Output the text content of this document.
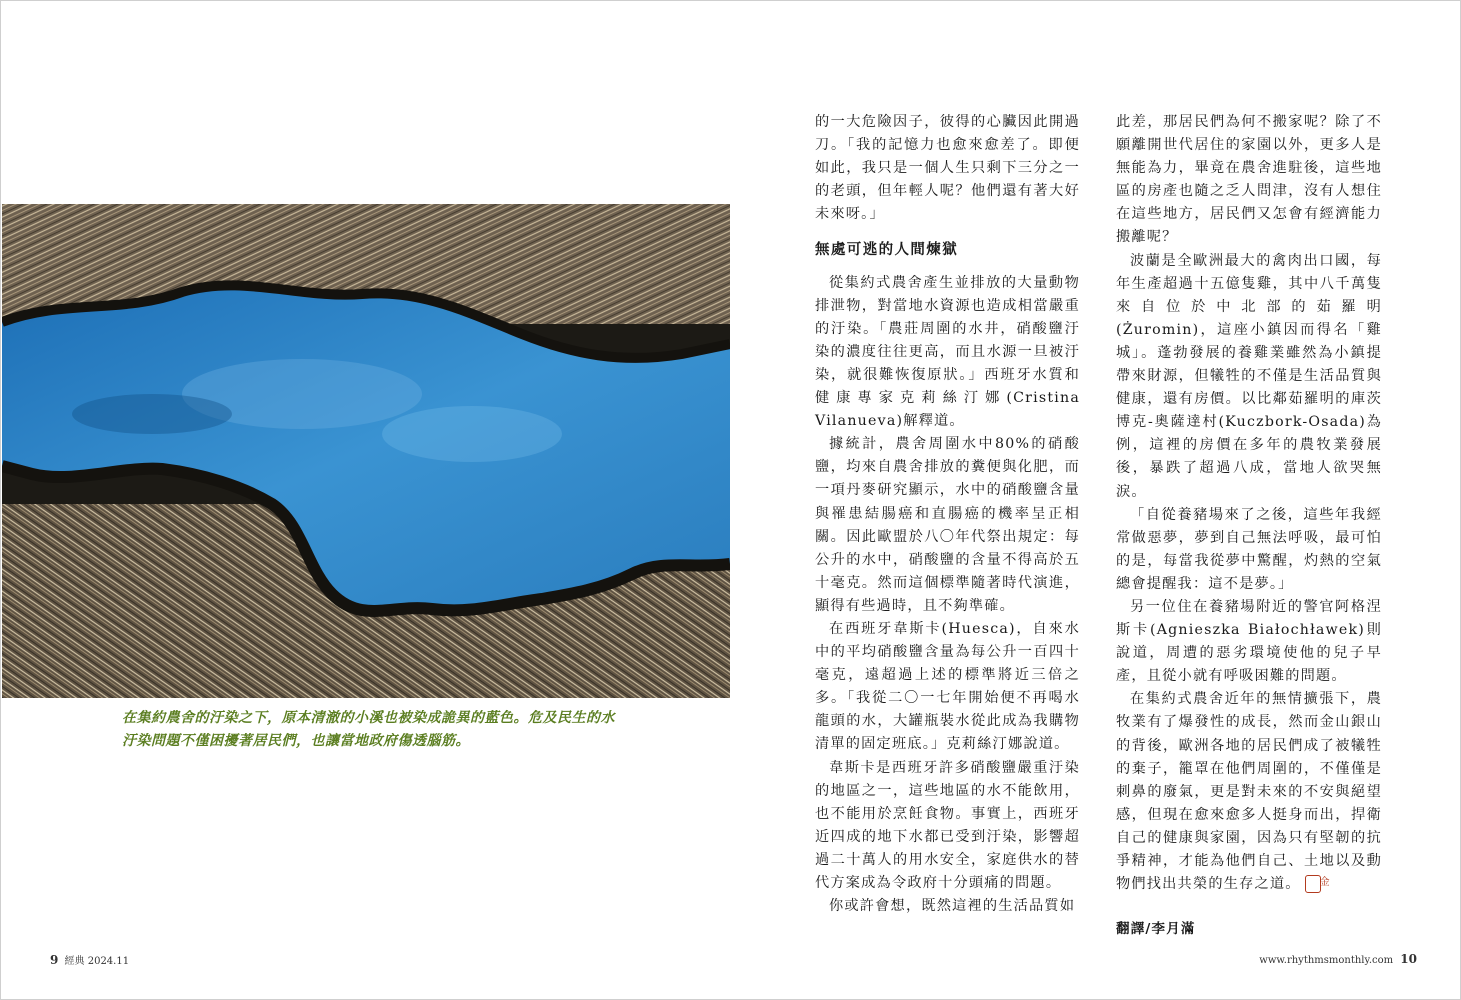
在集約農舍的汙染之下，原本清澈的小溪也被染成詭異的藍色。危及民生的水汙染問題不僅困擾著居民們，也讓當地政府傷透腦筋。

的一大危險因子，彼得的心臟因此開過刀。「我的記憶力也愈來愈差了。即便如此，我只是一個人生只剩下三分之一的老頭，但年輕人呢？他們還有著大好未來呀。」

無處可逃的人間煉獄

從集約式農舍產生並排放的大量動物排泄物，對當地水資源也造成相當嚴重的汙染。「農莊周圍的水井，硝酸鹽汙染的濃度往往更高，而且水源一旦被汙染，就很難恢復原狀。」西班牙水質和健康專家克莉絲汀娜(Cristina Vilanueva)解釋道。

據統計，農舍周圍水中80%的硝酸鹽，均來自農舍排放的糞便與化肥，而一項丹麥研究顯示，水中的硝酸鹽含量與罹患結腸癌和直腸癌的機率呈正相關。因此歐盟於八〇年代祭出規定：每公升的水中，硝酸鹽的含量不得高於五十毫克。然而這個標準隨著時代演進，顯得有些過時，且不夠準確。

在西班牙韋斯卡(Huesca)，自來水中的平均硝酸鹽含量為每公升一百四十毫克，遠超過上述的標準將近三倍之多。「我從二〇一七年開始便不再喝水龍頭的水，大罐瓶裝水從此成為我購物清單的固定班底。」克莉絲汀娜說道。

韋斯卡是西班牙許多硝酸鹽嚴重汙染的地區之一，這些地區的水不能飲用，也不能用於烹飪食物。事實上，西班牙近四成的地下水都已受到汙染，影響超過二十萬人的用水安全，家庭供水的替代方案成為令政府十分頭痛的問題。

你或許會想，既然這裡的生活品質如

此差，那居民們為何不搬家呢？除了不願離開世代居住的家園以外，更多人是無能為力，畢竟在農舍進駐後，這些地區的房產也隨之乏人問津，沒有人想住在這些地方，居民們又怎會有經濟能力搬離呢？

波蘭是全歐洲最大的禽肉出口國，每年生產超過十五億隻雞，其中八千萬隻來自位於中北部的茹羅明(Żuromin)，這座小鎮因而得名「雞城」。蓬勃發展的養雞業雖然為小鎮提帶來財源，但犧牲的不僅是生活品質與健康，還有房價。以比鄰茹羅明的庫茨博克-奧薩達村(Kuczbork-Osada)為例，這裡的房價在多年的農牧業發展後，暴跌了超過八成，當地人欲哭無淚。

「自從養豬場來了之後，這些年我經常做惡夢，夢到自己無法呼吸，最可怕的是，每當我從夢中驚醒，灼熱的空氣總會提醒我：這不是夢。」

另一位住在養豬場附近的警官阿格涅斯卡(Agnieszka Białochławek)則說道，周遭的惡劣環境使他的兒子早產，且從小就有呼吸困難的問題。

在集約式農舍近年的無情擴張下，農牧業有了爆發性的成長，然而金山銀山的背後，歐洲各地的居民們成了被犧牲的棄子，籠罩在他們周圍的，不僅僅是刺鼻的廢氣，更是對未來的不安與絕望感，但現在愈來愈多人挺身而出，捍衛自己的健康與家園，因為只有堅韌的抗爭精神，才能為他們自己、土地以及動物們找出共榮的生存之道。 金

翻譯/李月滿
9 經典 2024.11	www.rhythmsmonthly.com 10
